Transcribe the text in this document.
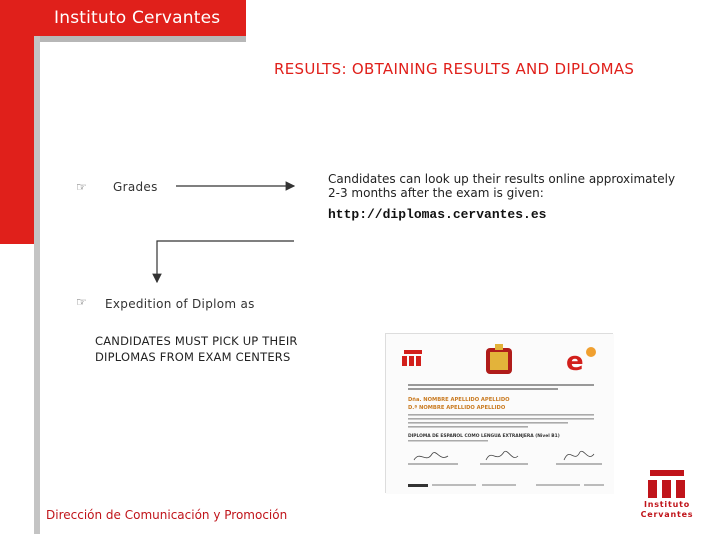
Instituto Cervantes
RESULTS: OBTAINING RESULTS AND DIPLOMAS
☞ Grades
☞ Expedition of Diplom as
Candidates can look up their results online approximately 2-3 months after the exam is given:
http://diplomas.cervantes.es
CANDIDATES MUST PICK UP THEIR DIPLOMAS FROM EXAM CENTERS	e
Dña. NOMBRE APELLIDO APELLIDO
D.ª NOMBRE APELLIDO APELLIDO
DIPLOMA DE ESPAÑOL COMO LENGUA EXTRANJERA (Nivel B1)
Instituto
Cervantes
Dirección de Comunicación y Promoción
